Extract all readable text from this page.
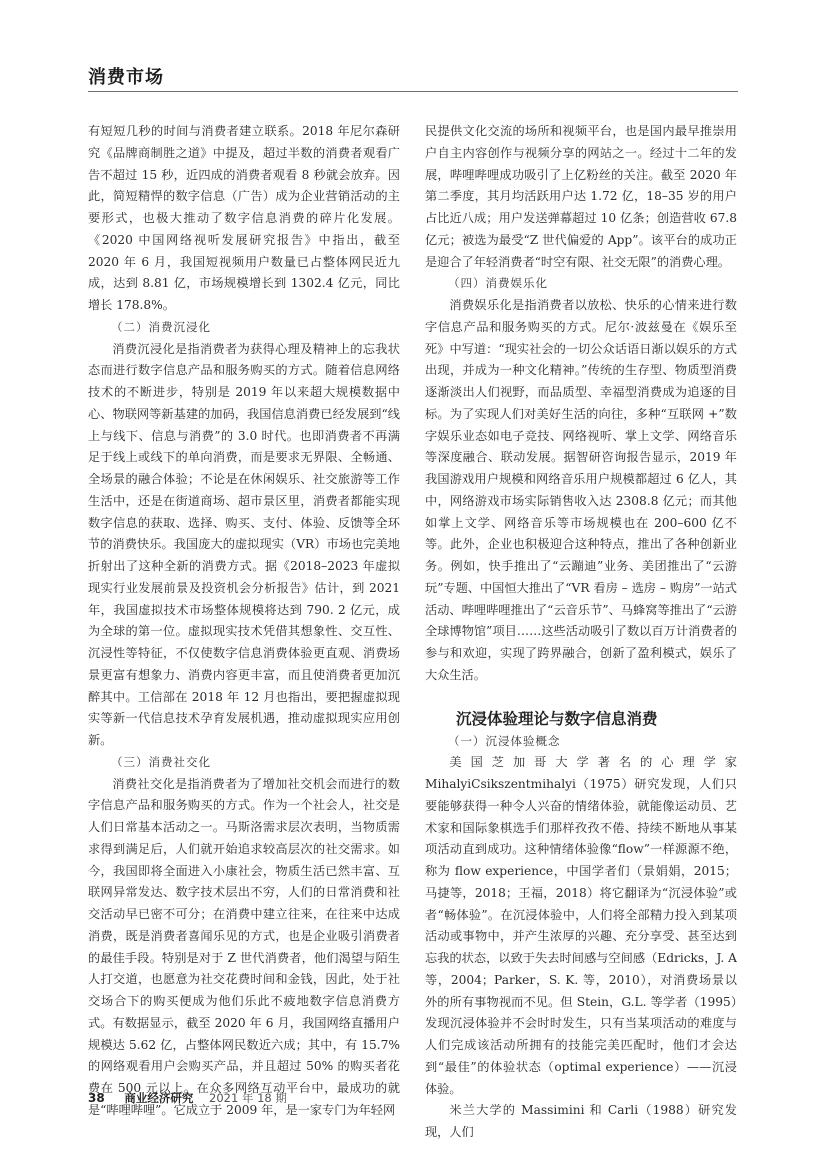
消费市场

有短短几秒的时间与消费者建立联系。2018 年尼尔森研究《品牌商制胜之道》中提及，超过半数的消费者观看广告不超过 15 秒，近四成的消费者观看 8 秒就会放弃。因此，简短精悍的数字信息（广告）成为企业营销活动的主要形式，也极大推动了数字信息消费的碎片化发展。《2020 中国网络视听发展研究报告》中指出，截至 2020 年 6 月，我国短视频用户数量已占整体网民近九成，达到 8.81 亿，市场规模增长到 1302.4 亿元，同比增长 178.8%。

（二）消费沉浸化

消费沉浸化是指消费者为获得心理及精神上的忘我状态而进行数字信息产品和服务购买的方式。随着信息网络技术的不断进步，特别是 2019 年以来超大规模数据中心、物联网等新基建的加码，我国信息消费已经发展到“线上与线下、信息与消费”的 3.0 时代。也即消费者不再满足于线上或线下的单向消费，而是要求无界限、全畅通、全场景的融合体验；不论是在休闲娱乐、社交旅游等工作生活中，还是在街道商场、超市景区里，消费者都能实现数字信息的获取、选择、购买、支付、体验、反馈等全环节的消费快乐。我国庞大的虚拟现实（VR）市场也完美地折射出了这种全新的消费方式。据《2018–2023 年虚拟现实行业发展前景及投资机会分析报告》估计，到 2021 年，我国虚拟技术市场整体规模将达到 790. 2 亿元，成为全球的第一位。虚拟现实技术凭借其想象性、交互性、沉浸性等特征，不仅使数字信息消费体验更直观、消费场景更富有想象力、消费内容更丰富，而且使消费者更加沉醉其中。工信部在 2018 年 12 月也指出，要把握虚拟现实等新一代信息技术孕育发展机遇，推动虚拟现实应用创新。

（三）消费社交化

消费社交化是指消费者为了增加社交机会而进行的数字信息产品和服务购买的方式。作为一个社会人，社交是人们日常基本活动之一。马斯洛需求层次表明，当物质需求得到满足后，人们就开始追求较高层次的社交需求。如今，我国即将全面进入小康社会，物质生活已然丰富、互联网异常发达、数字技术层出不穷，人们的日常消费和社交活动早已密不可分；在消费中建立往来，在往来中达成消费，既是消费者喜闻乐见的方式，也是企业吸引消费者的最佳手段。特别是对于 Z 世代消费者，他们渴望与陌生人打交道，也愿意为社交花费时间和金钱，因此，处于社交场合下的购买便成为他们乐此不疲地数字信息消费方式。有数据显示，截至 2020 年 6 月，我国网络直播用户规模达 5.62 亿，占整体网民数近六成；其中，有 15.7% 的网络观看用户会购买产品，并且超过 50% 的购买者花费在 500 元以上。在众多网络互动平台中，最成功的就是“哔哩哔哩”。它成立于 2009 年，是一家专门为年轻网

民提供文化交流的场所和视频平台，也是国内最早推崇用户自主内容创作与视频分享的网站之一。经过十二年的发展，哔哩哔哩成功吸引了上亿粉丝的关注。截至 2020 年第二季度，其月均活跃用户达 1.72 亿，18–35 岁的用户占比近八成；用户发送弹幕超过 10 亿条；创造营收 67.8 亿元；被选为最受“Z 世代偏爱的 App”。该平台的成功正是迎合了年轻消费者“时空有限、社交无限”的消费心理。

（四）消费娱乐化

消费娱乐化是指消费者以放松、快乐的心情来进行数字信息产品和服务购买的方式。尼尔·波兹曼在《娱乐至死》中写道：“现实社会的一切公众话语日渐以娱乐的方式出现，并成为一种文化精神。”传统的生存型、物质型消费逐渐淡出人们视野，而品质型、幸福型消费成为追逐的目标。为了实现人们对美好生活的向往，多种“互联网 +”数字娱乐业态如电子竞技、网络视听、掌上文学、网络音乐等深度融合、联动发展。据智研咨询报告显示，2019 年我国游戏用户规模和网络音乐用户规模都超过 6 亿人，其中，网络游戏市场实际销售收入达 2308.8 亿元；而其他如掌上文学、网络音乐等市场规模也在 200–600 亿不等。此外，企业也积极迎合这种特点，推出了各种创新业务。例如，快手推出了“云蹦迪”业务、美团推出了“云游玩”专题、中国恒大推出了“VR 看房 – 选房 – 购房”一站式活动、哔哩哔哩推出了“云音乐节”、马蜂窝等推出了“云游全球博物馆”项目……这些活动吸引了数以百万计消费者的参与和欢迎，实现了跨界融合，创新了盈利模式，娱乐了大众生活。

沉浸体验理论与数字信息消费

（一）沉浸体验概念

美国芝加哥大学著名的心理学家 MihalyiCsikszentmihalyi（1975）研究发现，人们只要能够获得一种令人兴奋的情绪体验，就能像运动员、艺术家和国际象棋选手们那样孜孜不倦、持续不断地从事某项活动直到成功。这种情绪体验像“flow”一样源源不绝，称为 flow experience，中国学者们（景娟娟，2015；马捷等，2018；王福，2018）将它翻译为“沉浸体验”或者“畅体验”。在沉浸体验中，人们将全部精力投入到某项活动或事物中，并产生浓厚的兴趣、充分享受、甚至达到忘我的状态，以致于失去时间感与空间感（Edricks，J. A 等，2004；Parker，S. K. 等，2010），对消费场景以外的所有事物视而不见。但 Stein，G.L. 等学者（1995）发现沉浸体验并不会时时发生，只有当某项活动的难度与人们完成该活动所拥有的技能完美匹配时，他们才会达到“最佳”的体验状态（optimal experience）——沉浸体验。

米兰大学的 Massimini 和 Carli（1988）研究发现，人们

38 商业经济研究 2021 年 18 期
